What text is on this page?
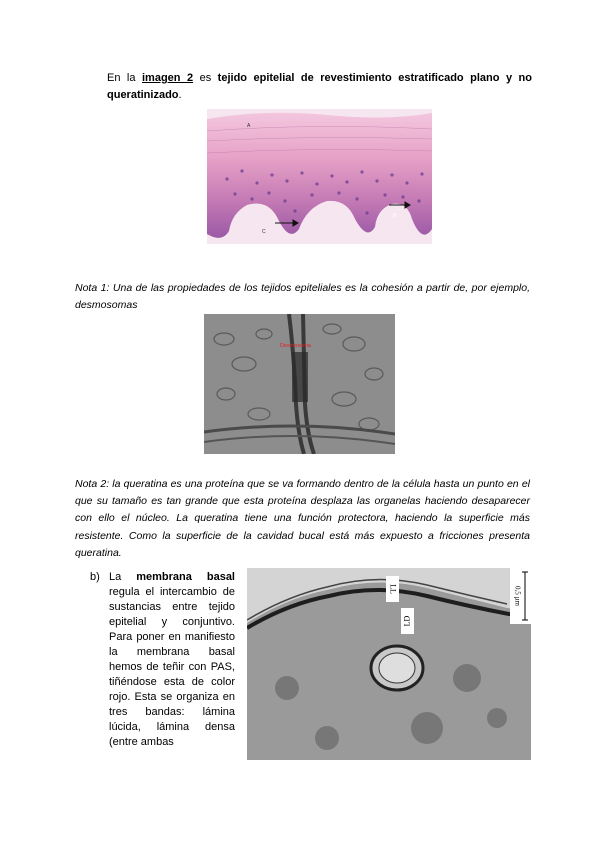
En la imagen 2 es tejido epitelial de revestimiento estratificado plano y no queratinizado.
A
B
C
Nota 1: Una de las propiedades de los tejidos epiteliales es la cohesión a partir de, por ejemplo, desmosomas
Desmosoma
Nota 2: la queratina es una proteína que se va formando dentro de la célula hasta un punto en el que su tamaño es tan grande que esta proteína desplaza las organelas haciendo desaparecer con ello el núcleo. La queratina tiene una función protectora, haciendo la superficie más resistente. Como la superficie de la cavidad bucal está más expuesto a fricciones presenta queratina.
b) La membrana basal regula el intercambio de sustancias entre tejido epitelial y conjuntivo. Para poner en manifiesto la membrana basal hemos de teñir con PAS, tiñéndose esta de color rojo. Esta se organiza en tres bandas: lámina lúcida, lámina densa (entre ambas
LL
LD
0,5 µm
